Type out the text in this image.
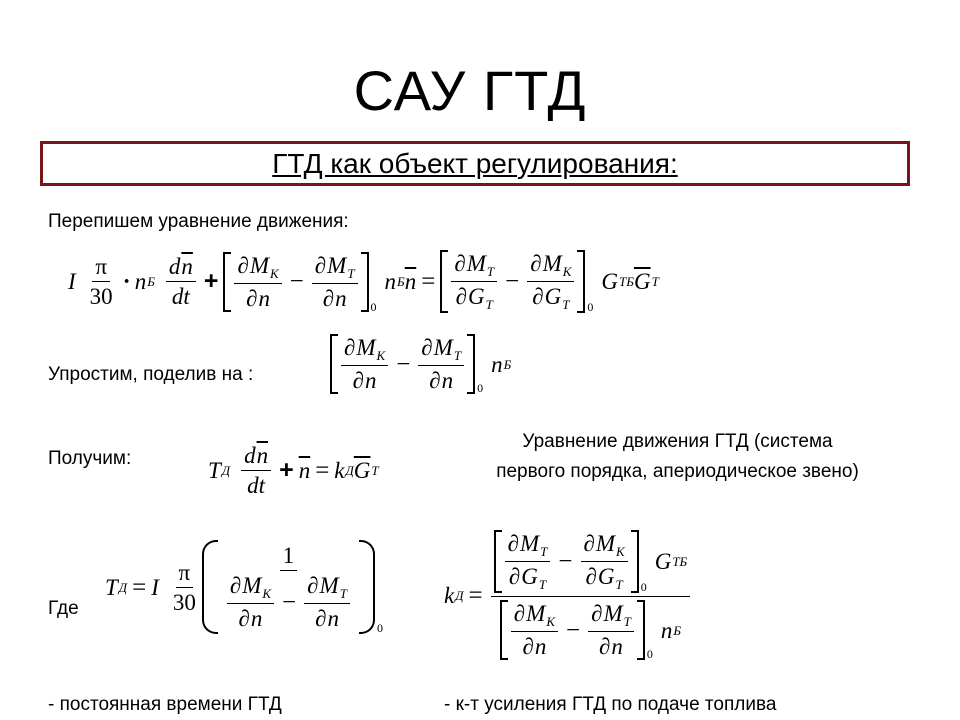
САУ ГТД
ГТД как объект регулирования:
Перепишем уравнение движения:
I $\frac{\pi}{30} \cdot n$ Б $\frac{d\overline{n}}{dt} + \frac{\partial M_К}{\partial n} - \frac{\partial M_Т}{\partial n} 0$
n Б $\overline{n} = \frac{\partial M_Т}{\partial G_Т} - \frac{\partial M_К}{\partial G_Т} 0$
G ТБ $\overline{G}$ Т
Упростим, поделив на :	$\frac{\partial M_К}{\partial n} - \frac{\partial M_Т}{\partial n} 0$
n Б
Получим:	T Д $\frac{d\overline{n}}{dt} + \overline{n} = k$ Д $\overline{G}$ Т
Уравнение движения ГТД (система
первого порядка, апериодическое звено)
Где
T Д = I $\frac{\pi}{30} \frac{1}{\frac{\partial M_К}{\partial n} - \frac{\partial M_Т}{\partial n}} 0$
k $Д = \frac{\partial M_Т}{\partial G_Т} - \frac{\partial M_К}{\partial G_Т} 0$
G ТБ
$\frac{\partial M_К}{\partial n} - \frac{\partial M_Т}{\partial n} 0$
n Б
- постоянная времени ГТД	- к-т усиления ГТД по подаче топлива
